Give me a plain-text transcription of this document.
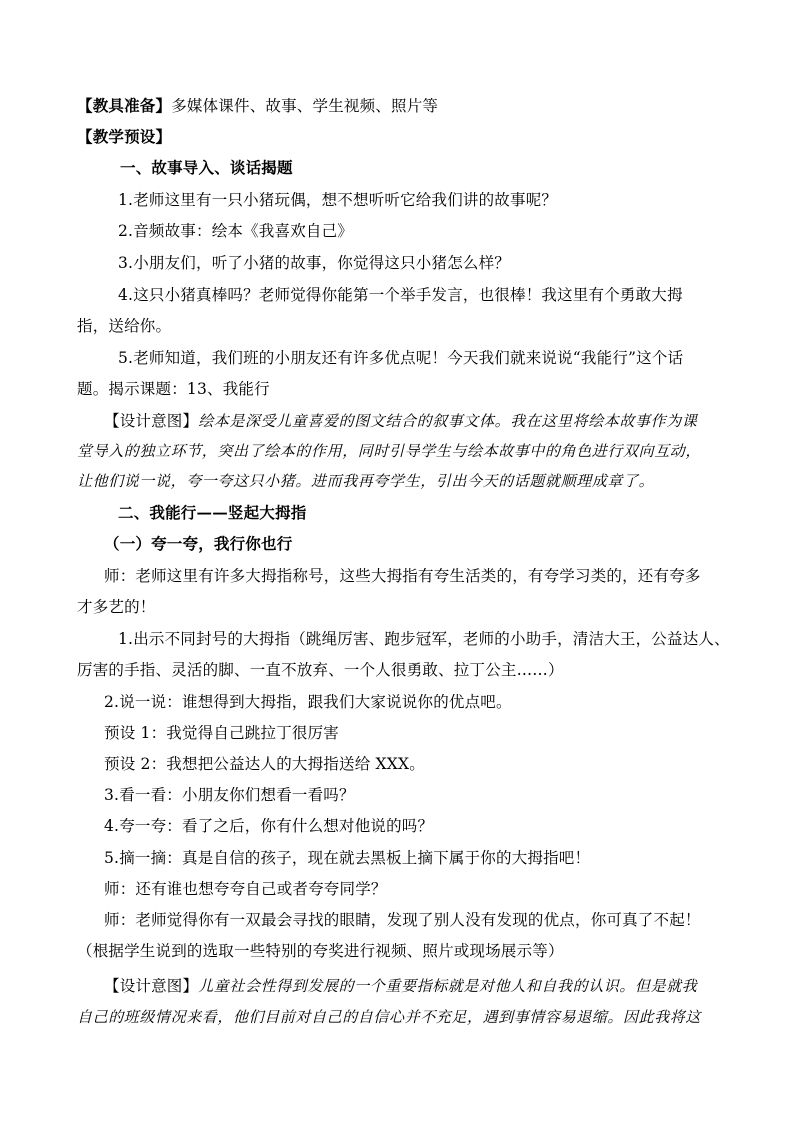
【教具准备】多媒体课件、故事、学生视频、照片等
【教学预设】
一、故事导入、谈话揭题
1.老师这里有一只小猪玩偶，想不想听听它给我们讲的故事呢？
2.音频故事：绘本《我喜欢自己》
3.小朋友们，听了小猪的故事，你觉得这只小猪怎么样？
4.这只小猪真棒吗？老师觉得你能第一个举手发言，也很棒！我这里有个勇敢大拇
指，送给你。
5.老师知道，我们班的小朋友还有许多优点呢！今天我们就来说说“我能行”这个话
题。揭示课题：13、我能行
【设计意图】绘本是深受儿童喜爱的图文结合的叙事文体。我在这里将绘本故事作为课
堂导入的独立环节，突出了绘本的作用，同时引导学生与绘本故事中的角色进行双向互动，
让他们说一说，夸一夸这只小猪。进而我再夸学生，引出今天的话题就顺理成章了。
二、我能行——竖起大拇指
（一）夸一夸，我行你也行
师：老师这里有许多大拇指称号，这些大拇指有夸生活类的，有夸学习类的，还有夸多
才多艺的！
1.出示不同封号的大拇指（跳绳厉害、跑步冠军，老师的小助手，清洁大王，公益达人、
厉害的手指、灵活的脚、一直不放弃、一个人很勇敢、拉丁公主……）
2.说一说：谁想得到大拇指，跟我们大家说说你的优点吧。
预设 1：我觉得自己跳拉丁很厉害
预设 2：我想把公益达人的大拇指送给 XXX。
3.看一看：小朋友你们想看一看吗？
4.夸一夸：看了之后，你有什么想对他说的吗？
5.摘一摘：真是自信的孩子，现在就去黑板上摘下属于你的大拇指吧！
师：还有谁也想夸夸自己或者夸夸同学？
师：老师觉得你有一双最会寻找的眼睛，发现了别人没有发现的优点，你可真了不起！
（根据学生说到的选取一些特别的夸奖进行视频、照片或现场展示等）
【设计意图】儿童社会性得到发展的一个重要指标就是对他人和自我的认识。但是就我
自己的班级情况来看，他们目前对自己的自信心并不充足，遇到事情容易退缩。因此我将这
